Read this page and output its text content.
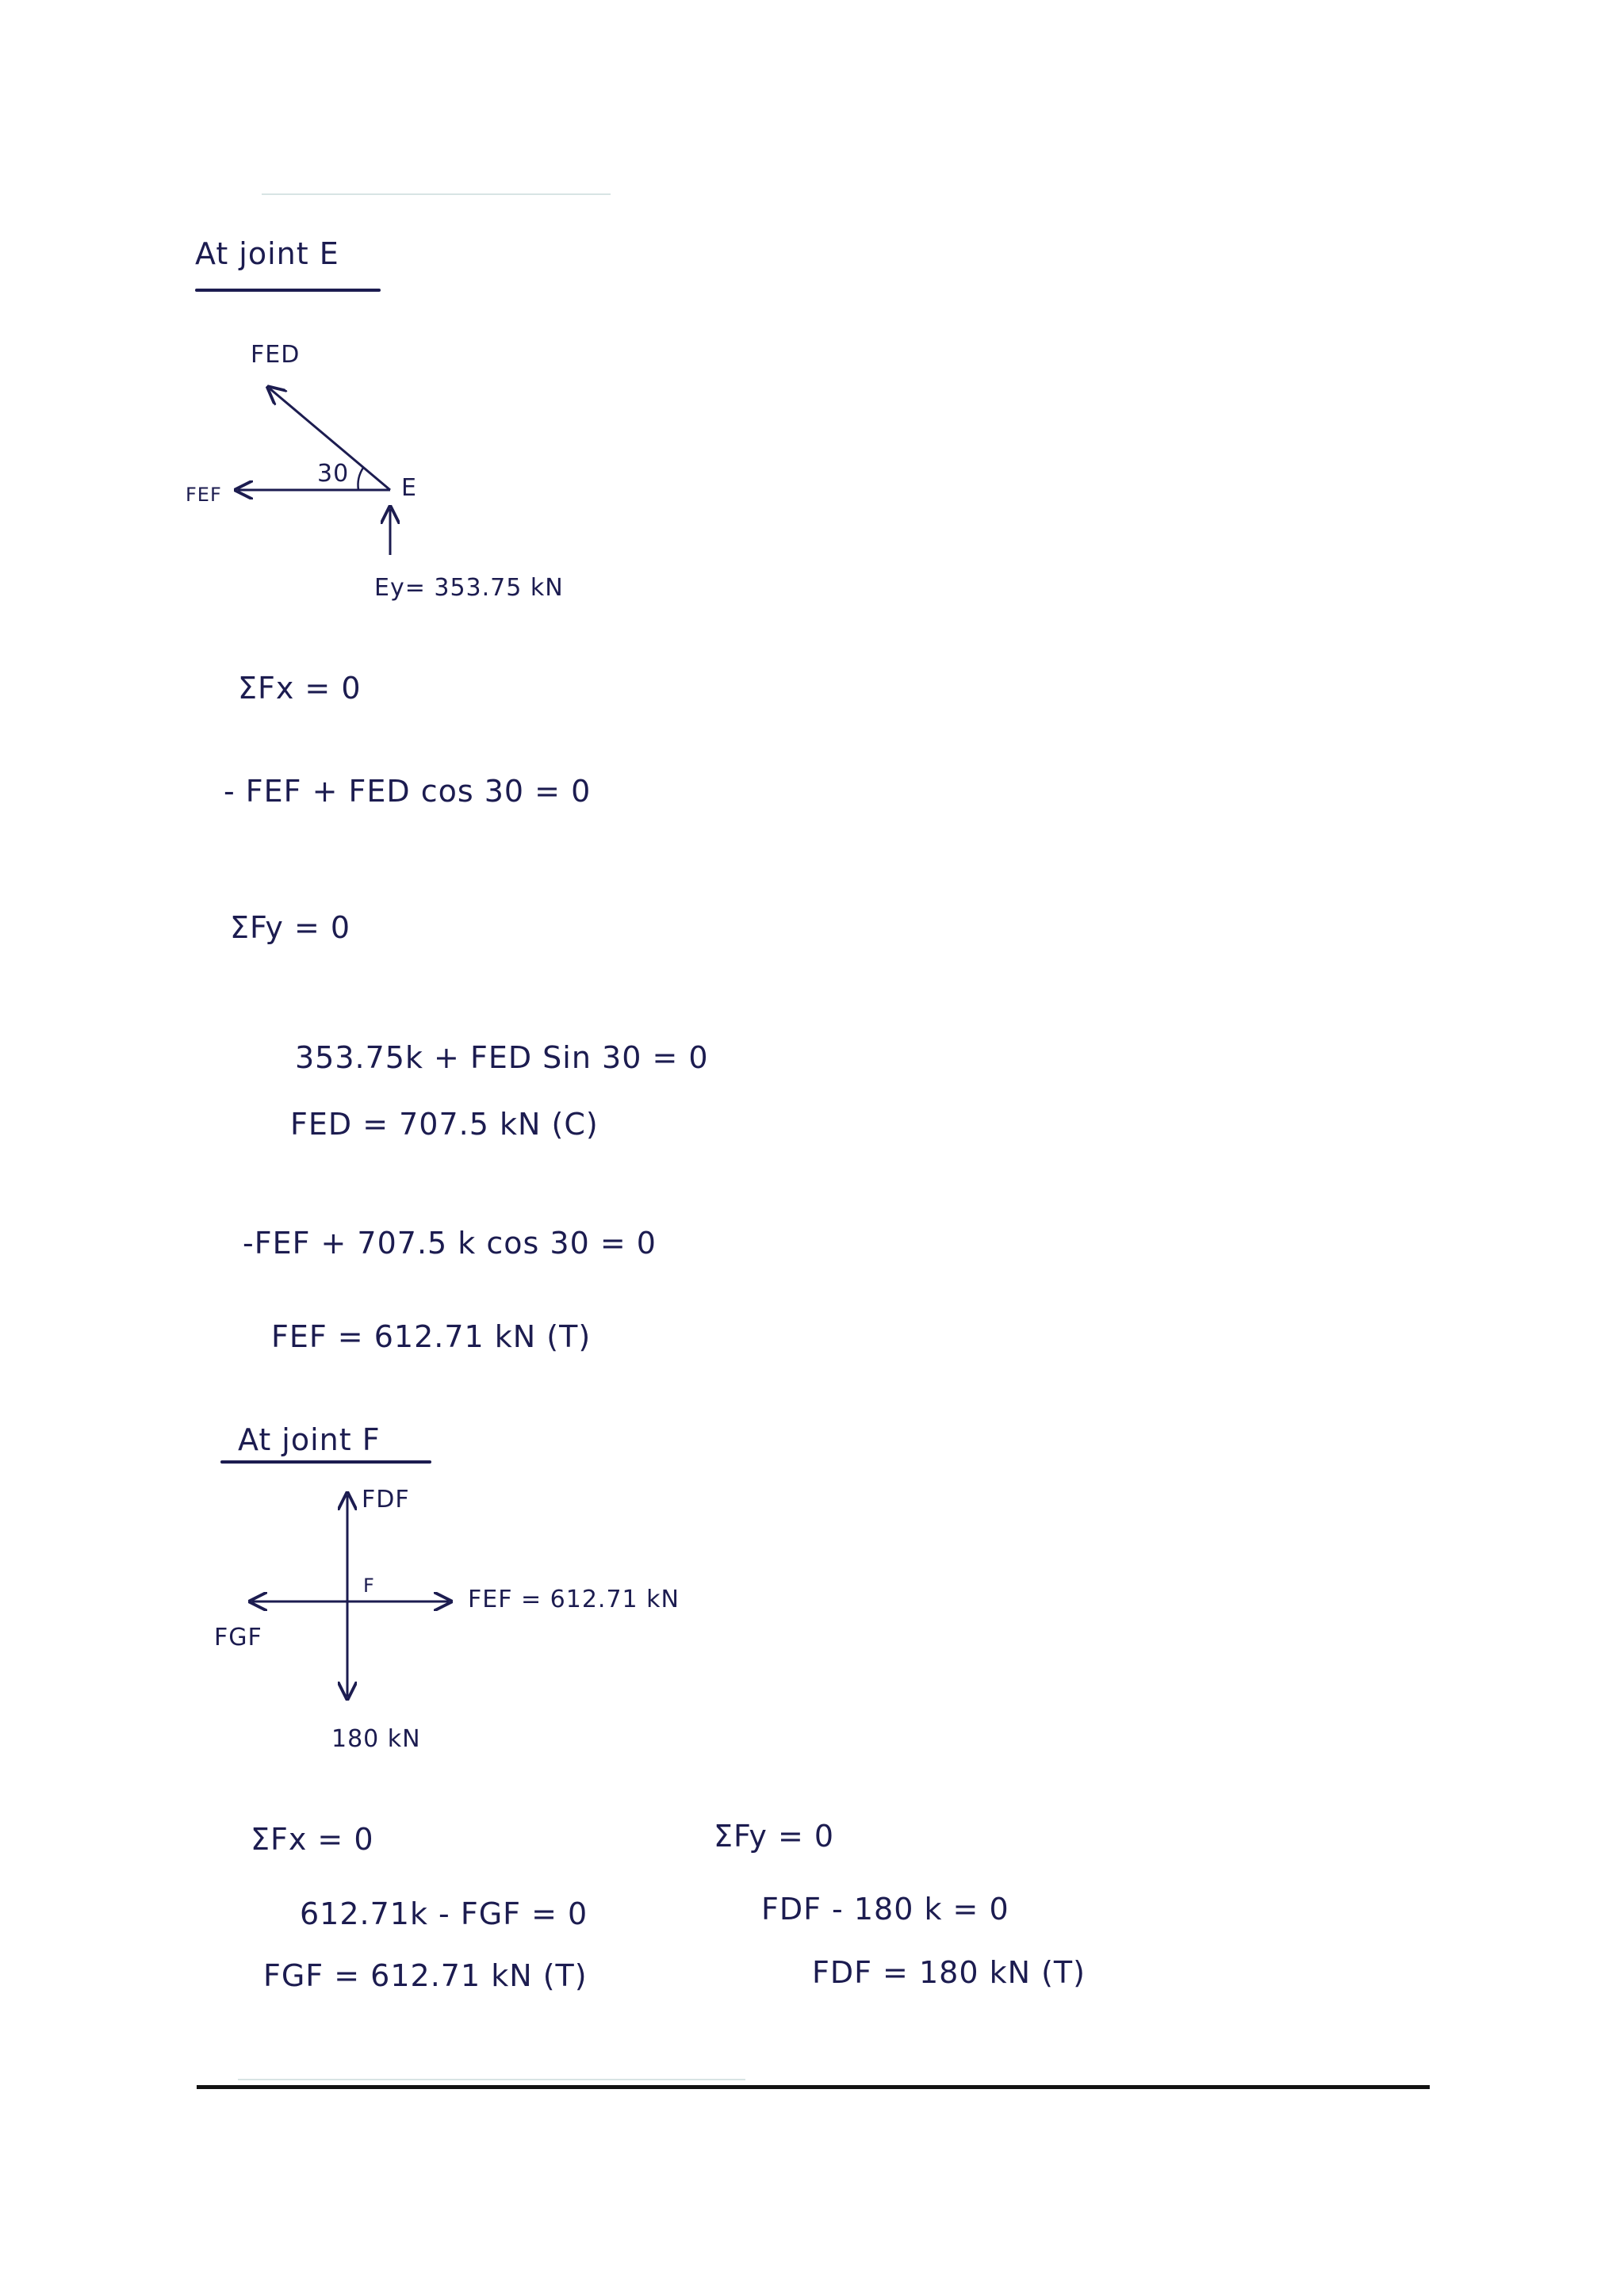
At joint E
FED
FEF
30
E
Ey= 353.75 kN
ΣFx = 0
- FEF + FED cos 30 = 0
ΣFy = 0
353.75k + FED Sin 30 = 0
FED = 707.5 kN (C)
-FEF + 707.5 k cos 30 = 0
FEF = 612.71 kN (T)
At joint F
FDF
F	FEF = 612.71 kN
FGF
180 kN
ΣFx = 0
612.71k - FGF = 0
FGF = 612.71 kN (T)
ΣFy = 0
FDF - 180 k = 0
FDF = 180 kN (T)
